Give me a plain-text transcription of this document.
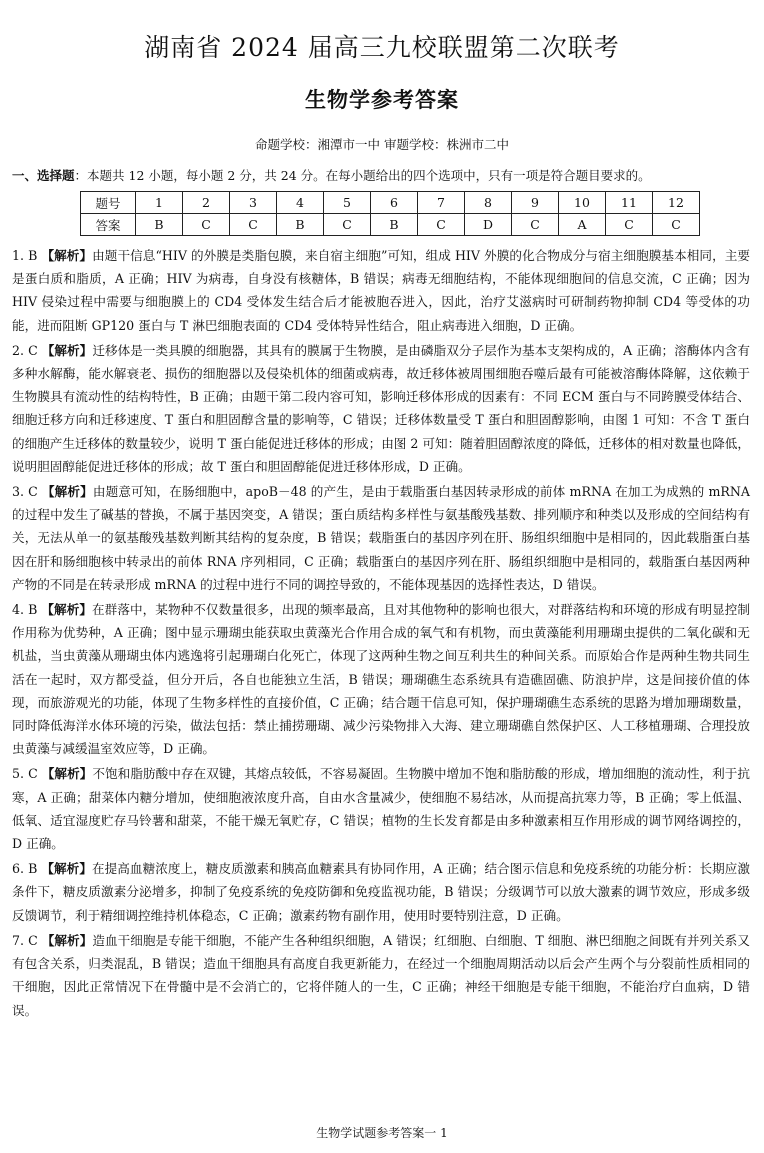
湖南省 2024 届高三九校联盟第二次联考
生物学参考答案
命题学校：湘潭市一中 审题学校：株洲市二中
一、选择题：本题共 12 小题，每小题 2 分，共 24 分。在每小题给出的四个选项中，只有一项是符合题目要求的。
题号	1	2	3	4	5	6	7	8	9	10	11	12
答案	B	C	C	B	C	B	C	D	C	A	C	C
1. B 【解析】由题干信息“HIV 的外膜是类脂包膜，来自宿主细胞”可知，组成 HIV 外膜的化合物成分与宿主细胞膜基本相同，主要是蛋白质和脂质，A 正确；HIV 为病毒，自身没有核糖体，B 错误；病毒无细胞结构，不能体现细胞间的信息交流，C 正确；因为 HIV 侵染过程中需要与细胞膜上的 CD4 受体发生结合后才能被胞吞进入，因此，治疗艾滋病时可研制药物抑制 CD4 等受体的功能，进而阻断 GP120 蛋白与 T 淋巴细胞表面的 CD4 受体特异性结合，阻止病毒进入细胞，D 正确。
2. C 【解析】迁移体是一类具膜的细胞器，其具有的膜属于生物膜，是由磷脂双分子层作为基本支架构成的，A 正确；溶酶体内含有多种水解酶，能水解衰老、损伤的细胞器以及侵染机体的细菌或病毒，故迁移体被周围细胞吞噬后最有可能被溶酶体降解，这依赖于生物膜具有流动性的结构特性，B 正确；由题干第二段内容可知，影响迁移体形成的因素有：不同 ECM 蛋白与不同跨膜受体结合、细胞迁移方向和迁移速度、T 蛋白和胆固醇含量的影响等，C 错误；迁移体数量受 T 蛋白和胆固醇影响，由图 1 可知：不含 T 蛋白的细胞产生迁移体的数量较少，说明 T 蛋白能促进迁移体的形成；由图 2 可知：随着胆固醇浓度的降低，迁移体的相对数量也降低，说明胆固醇能促进迁移体的形成；故 T 蛋白和胆固醇能促进迁移体形成，D 正确。
3. C 【解析】由题意可知，在肠细胞中，apoB－48 的产生，是由于载脂蛋白基因转录形成的前体 mRNA 在加工为成熟的 mRNA 的过程中发生了碱基的替换，不属于基因突变，A 错误；蛋白质结构多样性与氨基酸残基数、排列顺序和种类以及形成的空间结构有关，无法从单一的氨基酸残基数判断其结构的复杂度，B 错误；载脂蛋白的基因序列在肝、肠组织细胞中是相同的，因此载脂蛋白基因在肝和肠细胞核中转录出的前体 RNA 序列相同，C 正确；载脂蛋白的基因序列在肝、肠组织细胞中是相同的，载脂蛋白基因两种产物的不同是在转录形成 mRNA 的过程中进行不同的调控导致的，不能体现基因的选择性表达，D 错误。
4. B 【解析】在群落中，某物种不仅数量很多，出现的频率最高，且对其他物种的影响也很大，对群落结构和环境的形成有明显控制作用称为优势种，A 正确；图中显示珊瑚虫能获取虫黄藻光合作用合成的氧气和有机物，而虫黄藻能利用珊瑚虫提供的二氧化碳和无机盐，当虫黄藻从珊瑚虫体内逃逸将引起珊瑚白化死亡，体现了这两种生物之间互利共生的种间关系。而原始合作是两种生物共同生活在一起时，双方都受益，但分开后，各自也能独立生活，B 错误；珊瑚礁生态系统具有造礁固礁、防浪护岸，这是间接价值的体现，而旅游观光的功能，体现了生物多样性的直接价值，C 正确；结合题干信息可知，保护珊瑚礁生态系统的思路为增加珊瑚数量，同时降低海洋水体环境的污染，做法包括：禁止捕捞珊瑚、减少污染物排入大海、建立珊瑚礁自然保护区、人工移植珊瑚、合理投放虫黄藻与减缓温室效应等，D 正确。
5. C 【解析】不饱和脂肪酸中存在双键，其熔点较低，不容易凝固。生物膜中增加不饱和脂肪酸的形成，增加细胞的流动性，利于抗寒，A 正确；甜菜体内糖分增加，使细胞液浓度升高，自由水含量减少，使细胞不易结冰，从而提高抗寒力等，B 正确；零上低温、低氧、适宜湿度贮存马铃薯和甜菜，不能干燥无氧贮存，C 错误；植物的生长发育都是由多种激素相互作用形成的调节网络调控的，D 正确。
6. B 【解析】在提高血糖浓度上，糖皮质激素和胰高血糖素具有协同作用，A 正确；结合图示信息和免疫系统的功能分析：长期应激条件下，糖皮质激素分泌增多，抑制了免疫系统的免疫防御和免疫监视功能，B 错误；分级调节可以放大激素的调节效应，形成多级反馈调节，利于精细调控维持机体稳态，C 正确；激素药物有副作用，使用时要特别注意，D 正确。
7. C 【解析】造血干细胞是专能干细胞，不能产生各种组织细胞，A 错误；红细胞、白细胞、T 细胞、淋巴细胞之间既有并列关系又有包含关系，归类混乱，B 错误；造血干细胞具有高度自我更新能力，在经过一个细胞周期活动以后会产生两个与分裂前性质相同的干细胞，因此正常情况下在骨髓中是不会消亡的，它将伴随人的一生，C 正确；神经干细胞是专能干细胞，不能治疗白血病，D 错误。
生物学试题参考答案一 1
